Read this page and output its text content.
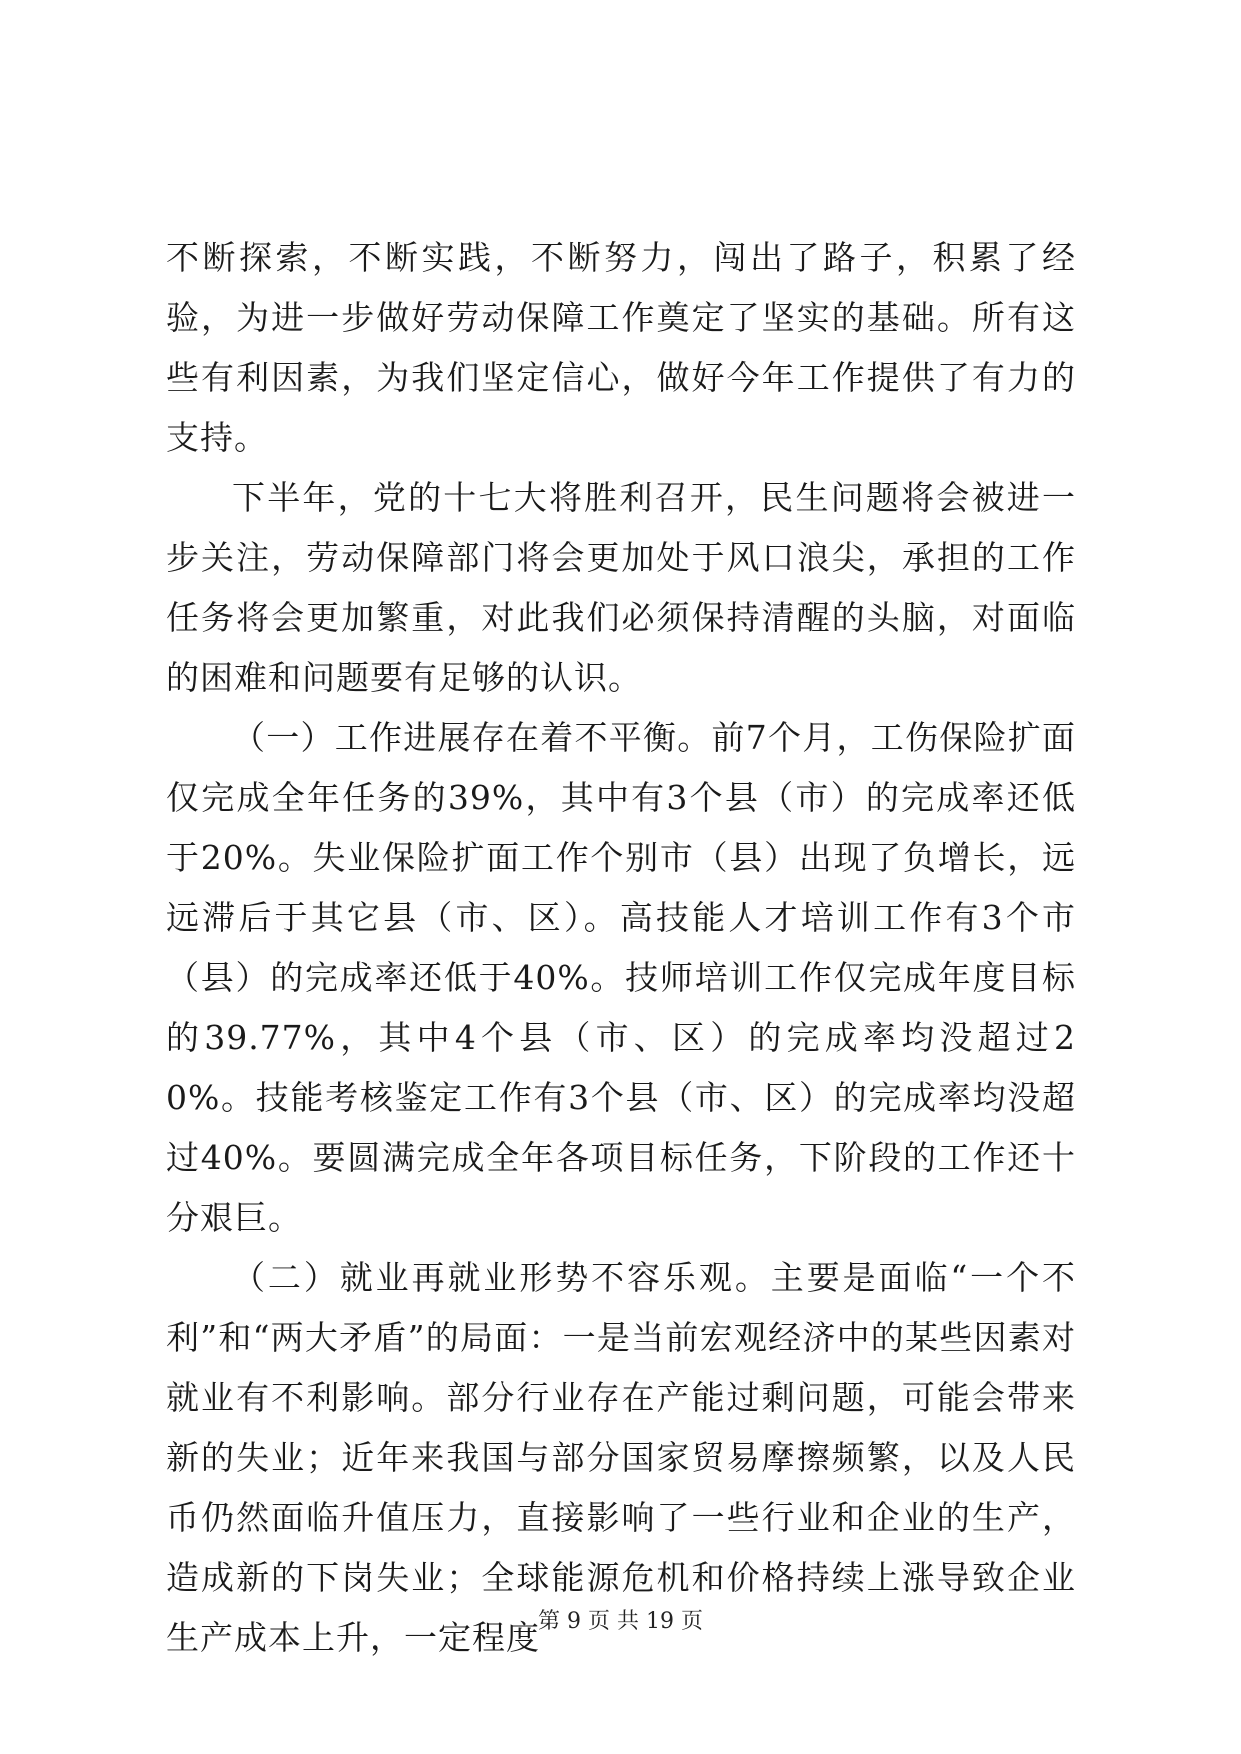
不断探索，不断实践，不断努力，闯出了路子，积累了经验，为进一步做好劳动保障工作奠定了坚实的基础。所有这些有利因素，为我们坚定信心，做好今年工作提供了有力的支持。

下半年，党的十七大将胜利召开，民生问题将会被进一步关注，劳动保障部门将会更加处于风口浪尖，承担的工作任务将会更加繁重，对此我们必须保持清醒的头脑，对面临的困难和问题要有足够的认识。

（一）工作进展存在着不平衡。前7个月，工伤保险扩面仅完成全年任务的39%，其中有3个县（市）的完成率还低于20%。失业保险扩面工作个别市（县）出现了负增长，远远滞后于其它县（市、区）。高技能人才培训工作有3个市（县）的完成率还低于40%。技师培训工作仅完成年度目标的39.77%，其中4个县（市、区）的完成率均没超过20%。技能考核鉴定工作有3个县（市、区）的完成率均没超过40%。要圆满完成全年各项目标任务，下阶段的工作还十分艰巨。

（二）就业再就业形势不容乐观。主要是面临“一个不利”和“两大矛盾”的局面：一是当前宏观经济中的某些因素对就业有不利影响。部分行业存在产能过剩问题，可能会带来新的失业；近年来我国与部分国家贸易摩擦频繁，以及人民币仍然面临升值压力，直接影响了一些行业和企业的生产，造成新的下岗失业；全球能源危机和价格持续上涨导致企业生产成本上升，一定程度

第 9 页 共 19 页
